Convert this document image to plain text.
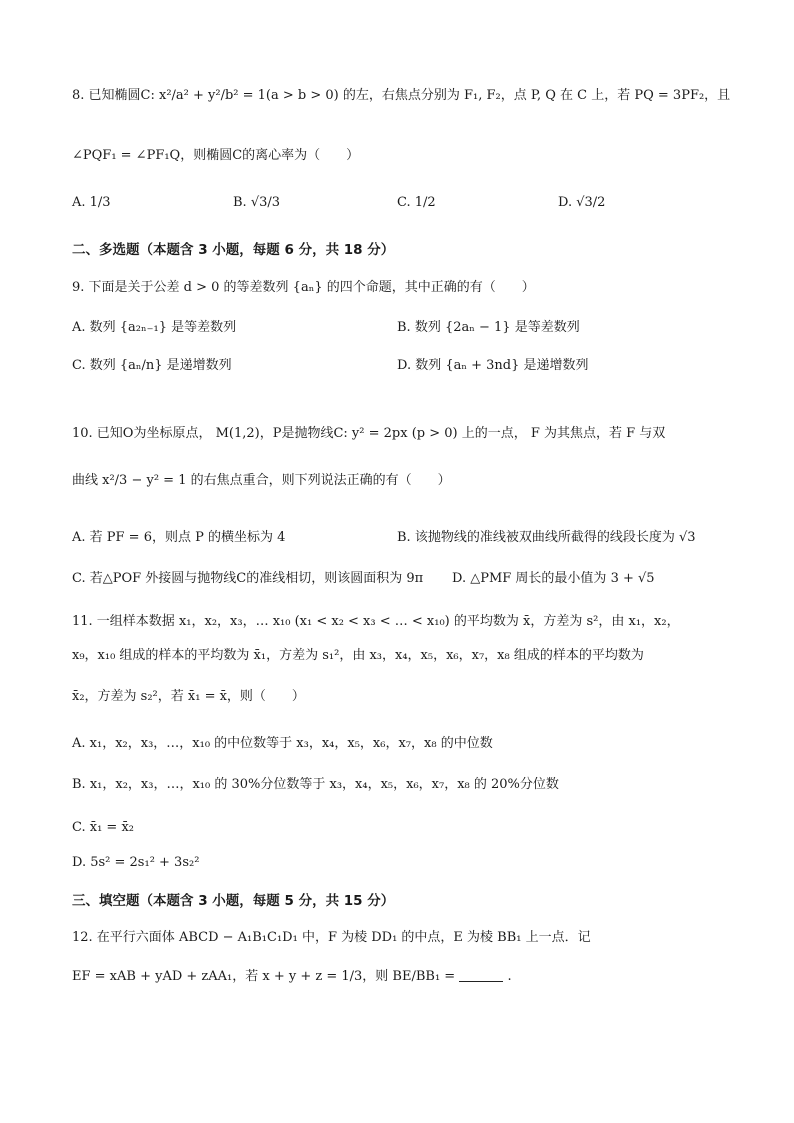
8. 已知椭圆C: x²/a² + y²/b² = 1(a > b > 0) 的左，右焦点分别为 F₁, F₂，点 P, Q 在 C 上，若 PQ = 3PF₂，且
∠PQF₁ = ∠PF₁Q，则椭圆C的离心率为（　　）
A. 1/3	B. √3/3	C. 1/2	D. √3/2
二、多选题（本题含 3 小题，每题 6 分，共 18 分）
9. 下面是关于公差 d > 0 的等差数列 {aₙ} 的四个命题，其中正确的有（　　）
A. 数列 {a₂ₙ₋₁} 是等差数列	B. 数列 {2aₙ − 1} 是等差数列
C. 数列 {aₙ/n} 是递增数列	D. 数列 {aₙ + 3nd} 是递增数列
10. 已知O为坐标原点， M(1,2)，P是抛物线C: y² = 2px (p > 0) 上的一点， F 为其焦点，若 F 与双
曲线 x²/3 − y² = 1 的右焦点重合，则下列说法正确的有（　　）
A. 若 PF = 6，则点 P 的横坐标为 4	B. 该抛物线的准线被双曲线所截得的线段长度为 √3
C. 若△POF 外接圆与抛物线C的准线相切，则该圆面积为 9π D. △PMF 周长的最小值为 3 + √5
11. 一组样本数据 x₁，x₂，x₃，… x₁₀ (x₁ < x₂ < x₃ < … < x₁₀) 的平均数为 x̄，方差为 s²，由 x₁，x₂，
x₉，x₁₀ 组成的样本的平均数为 x̄₁，方差为 s₁²，由 x₃，x₄，x₅，x₆，x₇，x₈ 组成的样本的平均数为
x̄₂，方差为 s₂²，若 x̄₁ = x̄，则（　　）
A. x₁，x₂，x₃，…，x₁₀ 的中位数等于 x₃，x₄，x₅，x₆，x₇，x₈ 的中位数
B. x₁，x₂，x₃，…，x₁₀ 的 30%分位数等于 x₃，x₄，x₅，x₆，x₇，x₈ 的 20%分位数
C. x̄₁ = x̄₂
D. 5s² = 2s₁² + 3s₂²
三、填空题（本题含 3 小题，每题 5 分，共 15 分）
12. 在平行六面体 ABCD − A₁B₁C₁D₁ 中，F 为棱 DD₁ 的中点，E 为棱 BB₁ 上一点．记
EF = xAB + yAD + zAA₁，若 x + y + z = 1/3，则 BE/BB₁ =	.
